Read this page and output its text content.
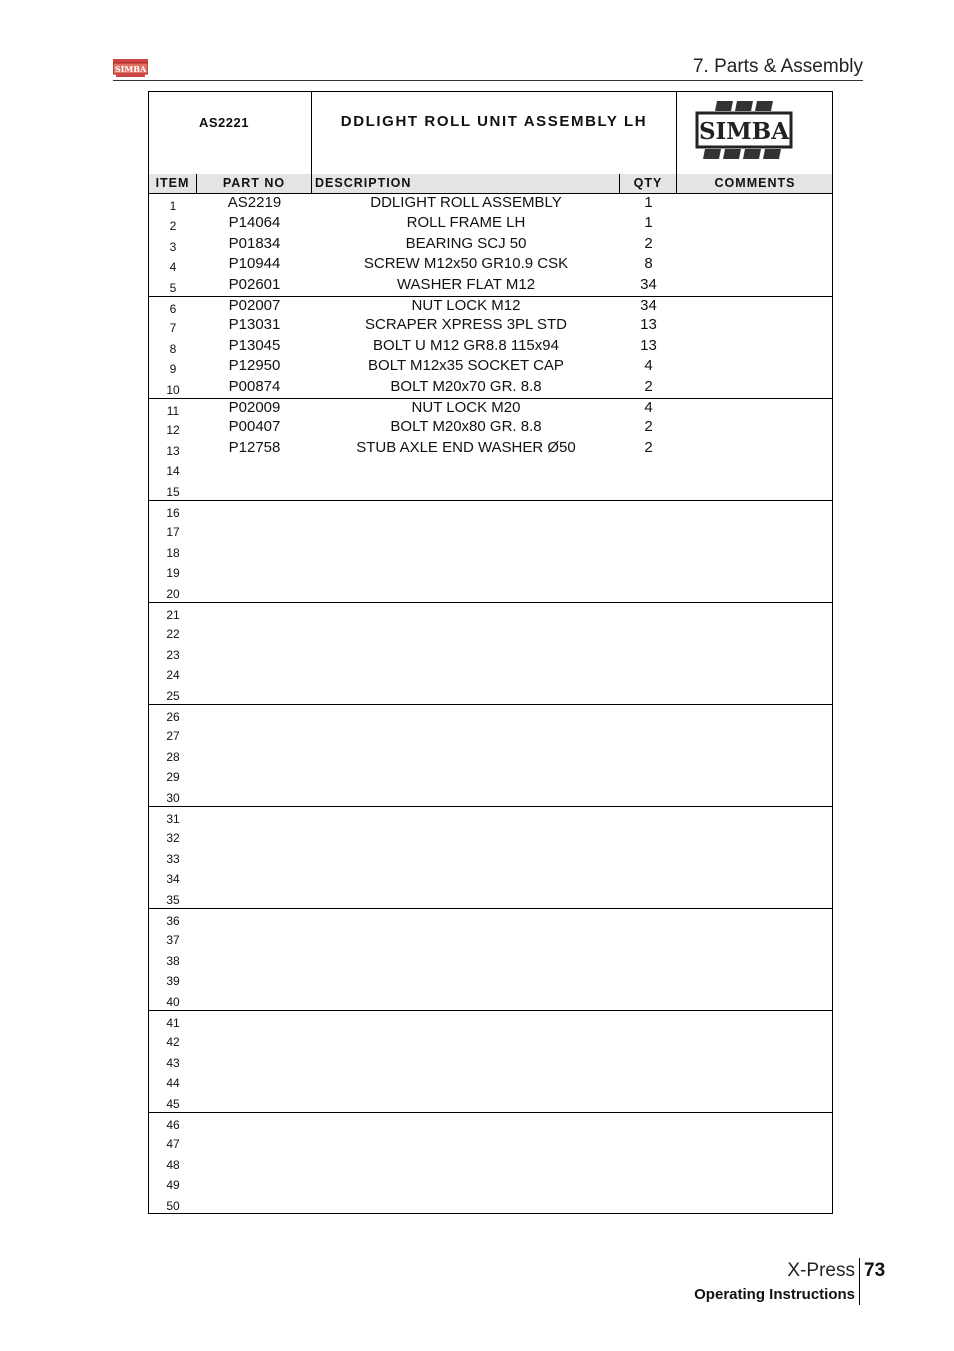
SIMBA	7. Parts & Assembly
AS2221	DDLIGHT ROLL UNIT ASSEMBLY LH	SIMBA
ITEM	PART NO	DESCRIPTION	QTY	COMMENTS
1	AS2219	DDLIGHT ROLL ASSEMBLY	1
2	P14064	ROLL FRAME LH	1
3	P01834	BEARING SCJ 50	2
4	P10944	SCREW M12x50 GR10.9 CSK	8
5	P02601	WASHER FLAT M12	34
6	P02007	NUT LOCK M12	34
7	P13031	SCRAPER XPRESS 3PL STD	13
8	P13045	BOLT U M12 GR8.8 115x94	13
9	P12950	BOLT M12x35 SOCKET CAP	4
10	P00874	BOLT M20x70 GR. 8.8	2
11	P02009	NUT LOCK M20	4
12	P00407	BOLT M20x80 GR. 8.8	2
13	P12758	STUB AXLE END WASHER Ø50	2
14
15
16
17
18
19
20
21
22
23
24
25
26
27
28
29
30
31
32
33
34
35
36
37
38
39
40
41
42
43
44
45
46
47
48
49
50
X-Press 73
Operating Instructions
